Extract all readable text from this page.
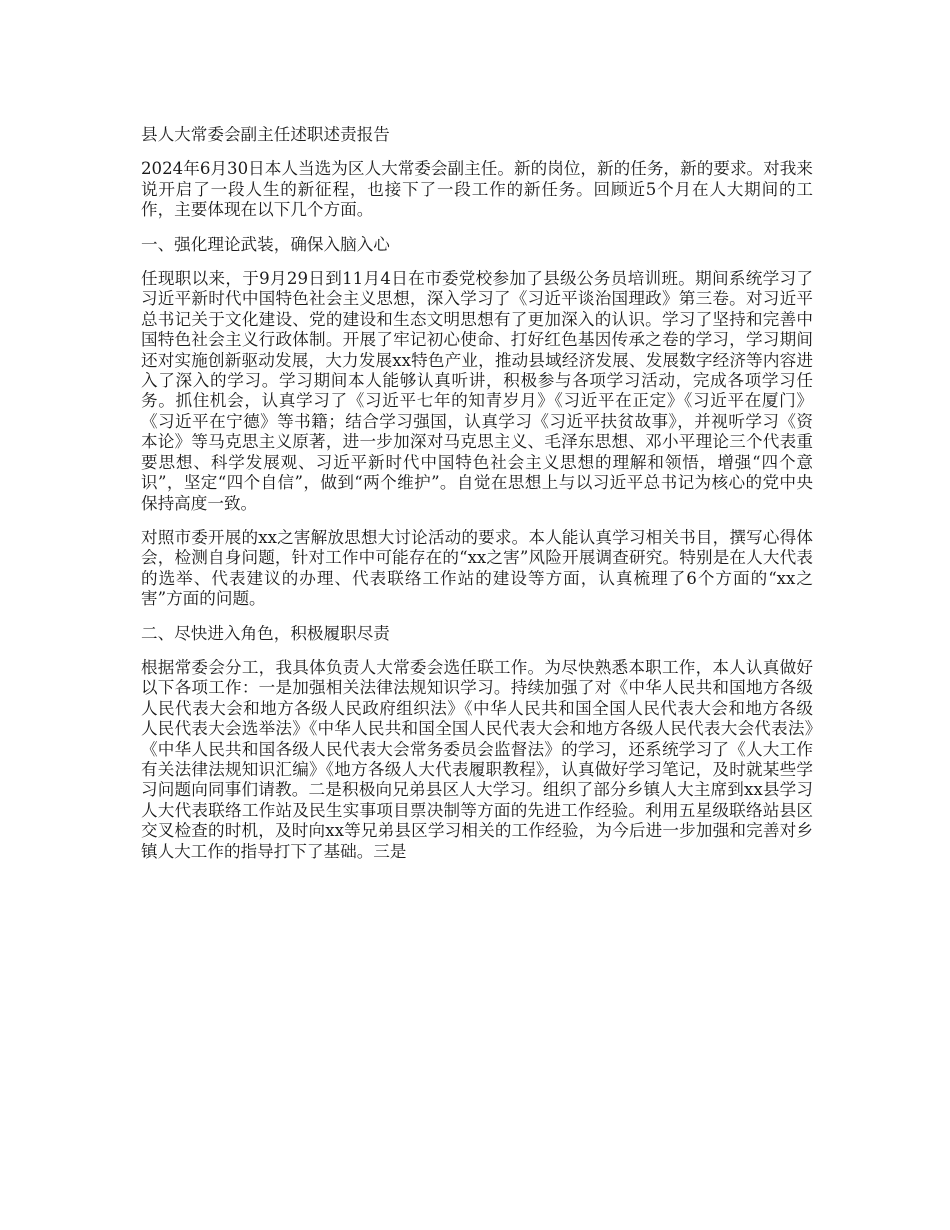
县人大常委会副主任述职述责报告

2024年6月30日本人当选为区人大常委会副主任。新的岗位，新的任务，新的要求。对我来说开启了一段人生的新征程，也接下了一段工作的新任务。回顾近5个月在人大期间的工作，主要体现在以下几个方面。

一、强化理论武装，确保入脑入心

任现职以来，于9月29日到11月4日在市委党校参加了县级公务员培训班。期间系统学习了习近平新时代中国特色社会主义思想，深入学习了《习近平谈治国理政》第三卷。对习近平总书记关于文化建设、党的建设和生态文明思想有了更加深入的认识。学习了坚持和完善中国特色社会主义行政体制。开展了牢记初心使命、打好红色基因传承之卷的学习，学习期间还对实施创新驱动发展，大力发展xx特色产业，推动县域经济发展、发展数字经济等内容进入了深入的学习。学习期间本人能够认真听讲，积极参与各项学习活动，完成各项学习任务。抓住机会，认真学习了《习近平七年的知青岁月》《习近平在正定》《习近平在厦门》《习近平在宁德》等书籍；结合学习强国，认真学习《习近平扶贫故事》，并视听学习《资本论》等马克思主义原著，进一步加深对马克思主义、毛泽东思想、邓小平理论三个代表重要思想、科学发展观、习近平新时代中国特色社会主义思想的理解和领悟，增强“四个意识”，坚定“四个自信”，做到“两个维护”。自觉在思想上与以习近平总书记为核心的党中央保持高度一致。

对照市委开展的xx之害解放思想大讨论活动的要求。本人能认真学习相关书目，撰写心得体会，检测自身问题，针对工作中可能存在的“xx之害”风险开展调查研究。特别是在人大代表的选举、代表建议的办理、代表联络工作站的建设等方面，认真梳理了6个方面的“xx之害”方面的问题。

二、尽快进入角色，积极履职尽责

根据常委会分工，我具体负责人大常委会选任联工作。为尽快熟悉本职工作，本人认真做好以下各项工作：一是加强相关法律法规知识学习。持续加强了对《中华人民共和国地方各级人民代表大会和地方各级人民政府组织法》《中华人民共和国全国人民代表大会和地方各级人民代表大会选举法》《中华人民共和国全国人民代表大会和地方各级人民代表大会代表法》《中华人民共和国各级人民代表大会常务委员会监督法》的学习，还系统学习了《人大工作有关法律法规知识汇编》《地方各级人大代表履职教程》，认真做好学习笔记，及时就某些学习问题向同事们请教。二是积极向兄弟县区人大学习。组织了部分乡镇人大主席到xx县学习人大代表联络工作站及民生实事项目票决制等方面的先进工作经验。利用五星级联络站县区交叉检查的时机，及时向xx等兄弟县区学习相关的工作经验，为今后进一步加强和完善对乡镇人大工作的指导打下了基础。三是
